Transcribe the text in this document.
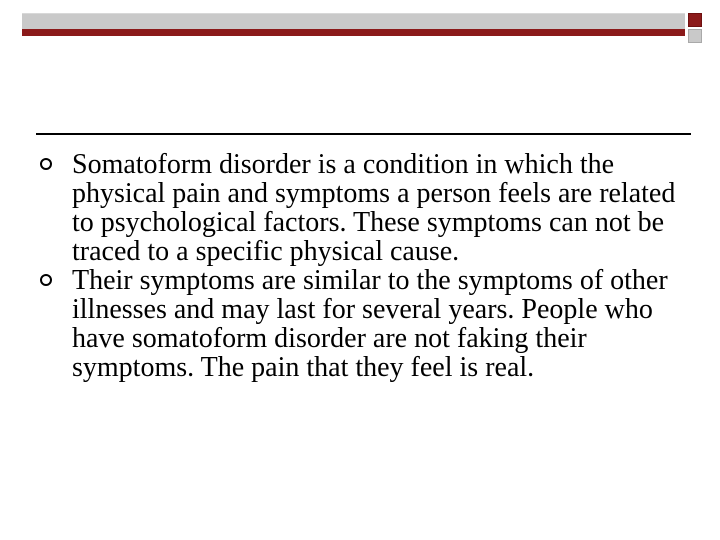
Somatoform disorder is a condition in which the physical pain and symptoms a person feels are related to psychological factors. These symptoms can not be traced to a specific physical cause.
Their symptoms are similar to the symptoms of other illnesses and may last for several years. People who have somatoform disorder are not faking their symptoms. The pain that they feel is real.
